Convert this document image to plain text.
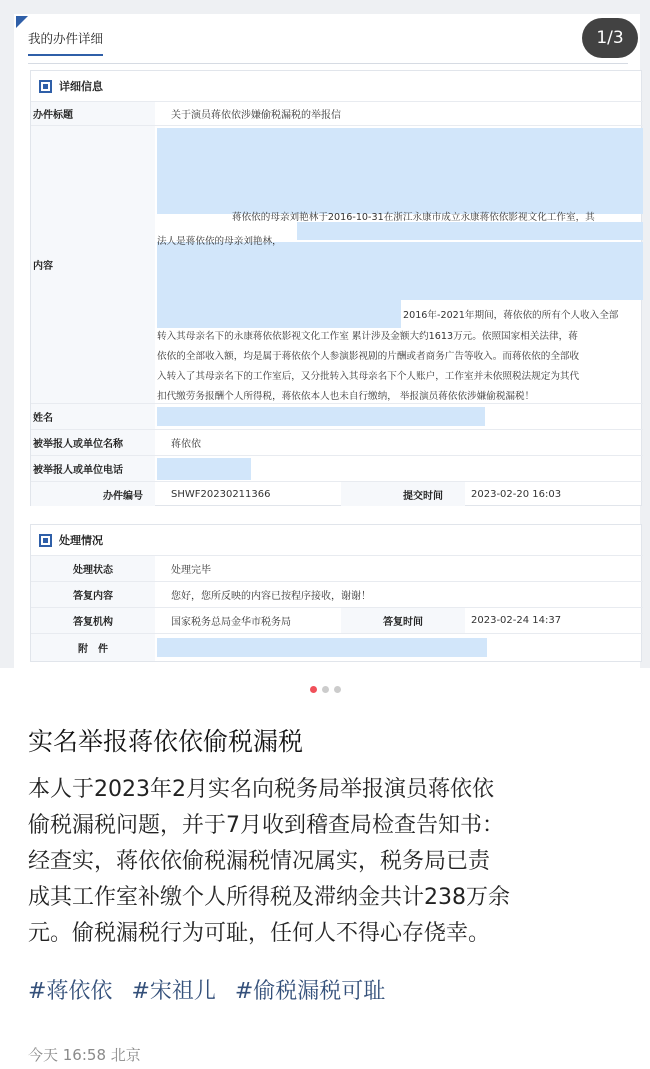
我的办件详细
详细信息
办件标题	关于演员蒋依依涉嫌偷税漏税的举报信
内容
蒋依依的母亲刘艳林于2016-10-31在浙江永康市成立永康蒋依依影视文化工作室，其
法人是蒋依依的母亲刘艳林，
2016年-2021年期间，蒋依依的所有个人收入全部
转入其母亲名下的永康蒋依依影视文化工作室 累计涉及金额大约1613万元。依照国家相关法律，蒋
依依的全部收入额，均是属于蒋依依个人参演影视剧的片酬或者商务广告等收入。而蒋依依的全部收
入转入了其母亲名下的工作室后，又分批转入其母亲名下个人账户，工作室并未依照税法规定为其代
扣代缴劳务报酬个人所得税，蒋依依本人也未自行缴纳， 举报演员蒋依依涉嫌偷税漏税！
姓名
被举报人或单位名称	蒋依依
被举报人或单位电话
办件编号	SHWF20230211366	提交时间	2023-02-20 16:03
处理情况
处理状态	处理完毕
答复内容	您好，您所反映的内容已按程序接收，谢谢！
答复机构	国家税务总局金华市税务局	答复时间	2023-02-24 14:37
附　件
1/3
实名举报蒋依依偷税漏税

本人于2023年2月实名向税务局举报演员蒋依依

偷税漏税问题，并于7月收到稽查局检查告知书：

经查实，蒋依依偷税漏税情况属实，税务局已责

成其工作室补缴个人所得税及滞纳金共计238万余

元。偷税漏税行为可耻，任何人不得心存侥幸。

#蒋依依 #宋祖儿 #偷税漏税可耻
今天 16:58 北京
